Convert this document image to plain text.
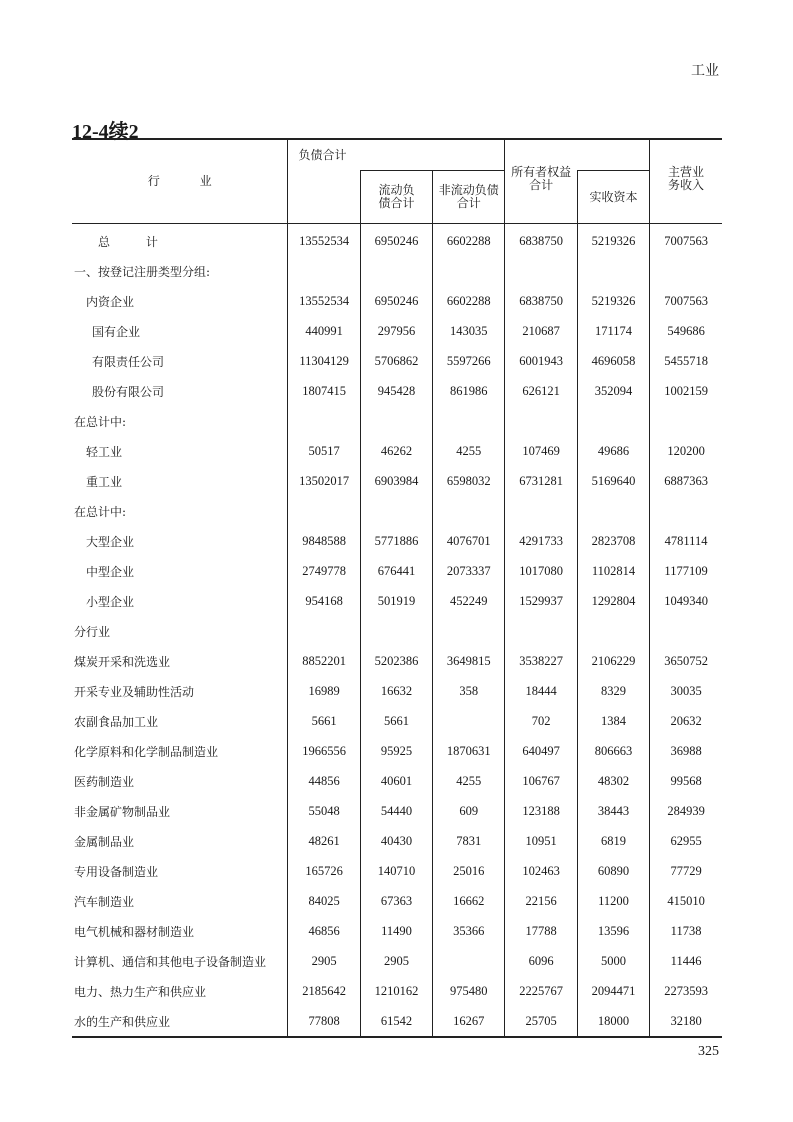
工业
12-4续2
行 业	负债合计			所有者权益合计		主营业务收入
		流动负债合计	非流动负债合计		实收资本	
总 计	13552534	6950246	6602288	6838750	5219326	7007563
一、按登记注册类型分组:						
内资企业	13552534	6950246	6602288	6838750	5219326	7007563
国有企业	440991	297956	143035	210687	171174	549686
有限责任公司	11304129	5706862	5597266	6001943	4696058	5455718
股份有限公司	1807415	945428	861986	626121	352094	1002159
在总计中:						
轻工业	50517	46262	4255	107469	49686	120200
重工业	13502017	6903984	6598032	6731281	5169640	6887363
在总计中:						
大型企业	9848588	5771886	4076701	4291733	2823708	4781114
中型企业	2749778	676441	2073337	1017080	1102814	1177109
小型企业	954168	501919	452249	1529937	1292804	1049340
分行业						
煤炭开采和洗选业	8852201	5202386	3649815	3538227	2106229	3650752
开采专业及辅助性活动	16989	16632	358	18444	8329	30035
农副食品加工业	5661	5661		702	1384	20632
化学原料和化学制品制造业	1966556	95925	1870631	640497	806663	36988
医药制造业	44856	40601	4255	106767	48302	99568
非金属矿物制品业	55048	54440	609	123188	38443	284939
金属制品业	48261	40430	7831	10951	6819	62955
专用设备制造业	165726	140710	25016	102463	60890	77729
汽车制造业	84025	67363	16662	22156	11200	415010
电气机械和器材制造业	46856	11490	35366	17788	13596	11738
计算机、通信和其他电子设备制造业	2905	2905		6096	5000	11446
电力、热力生产和供应业	2185642	1210162	975480	2225767	2094471	2273593
水的生产和供应业	77808	61542	16267	25705	18000	32180
325
